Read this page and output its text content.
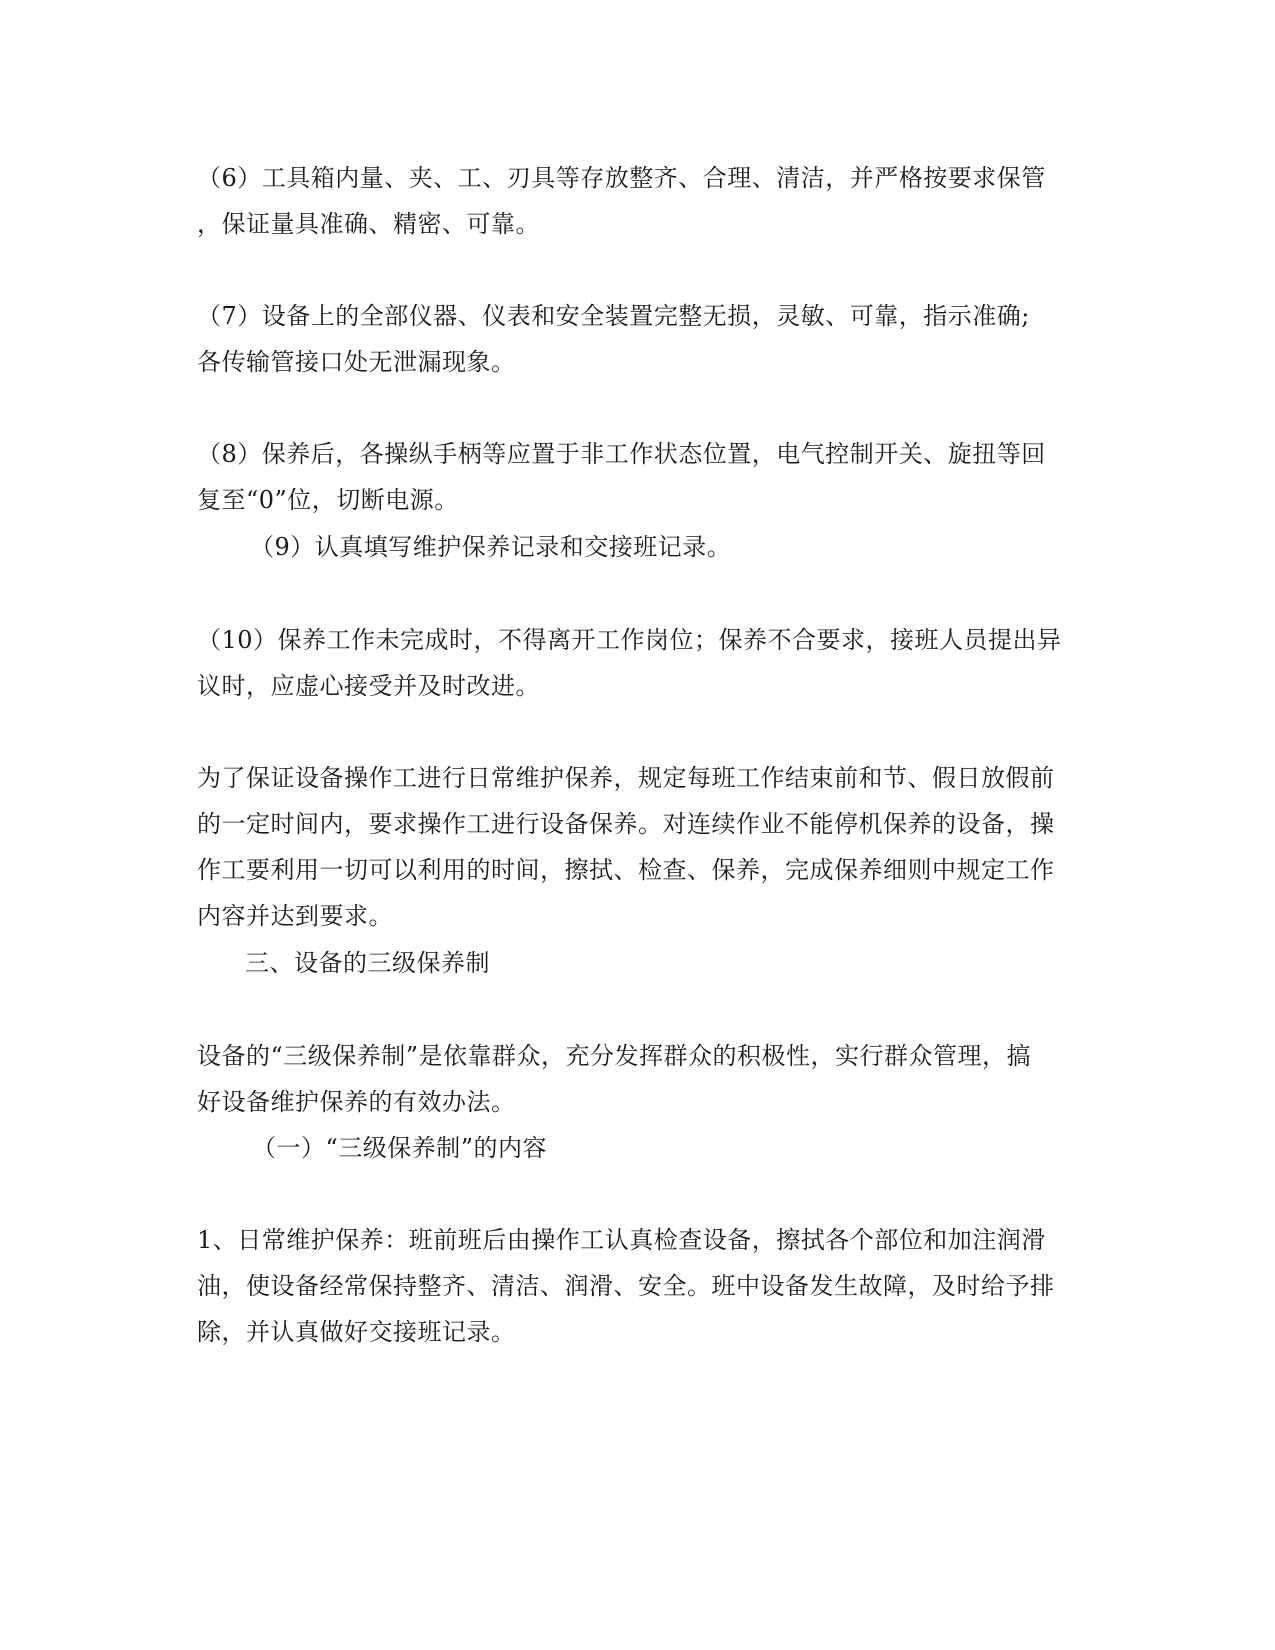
（6）工具箱内量、夹、工、刃具等存放整齐、合理、清洁，并严格按要求保管

，保证量具准确、精密、可靠。

（7）设备上的全部仪器、仪表和安全装置完整无损，灵敏、可靠，指示准确;

各传输管接口处无泄漏现象。

（8）保养后，各操纵手柄等应置于非工作状态位置，电气控制开关、旋扭等回

复至“0”位，切断电源。

（9）认真填写维护保养记录和交接班记录。

（10）保养工作未完成时，不得离开工作岗位；保养不合要求，接班人员提出异

议时，应虚心接受并及时改进。

为了保证设备操作工进行日常维护保养，规定每班工作结束前和节、假日放假前

的一定时间内，要求操作工进行设备保养。对连续作业不能停机保养的设备，操

作工要利用一切可以利用的时间，擦拭、检查、保养，完成保养细则中规定工作

内容并达到要求。

三、设备的三级保养制

设备的“三级保养制”是依靠群众，充分发挥群众的积极性，实行群众管理，搞

好设备维护保养的有效办法。

（一）“三级保养制”的内容

1、日常维护保养：班前班后由操作工认真检查设备，擦拭各个部位和加注润滑

油，使设备经常保持整齐、清洁、润滑、安全。班中设备发生故障，及时给予排

除，并认真做好交接班记录。
